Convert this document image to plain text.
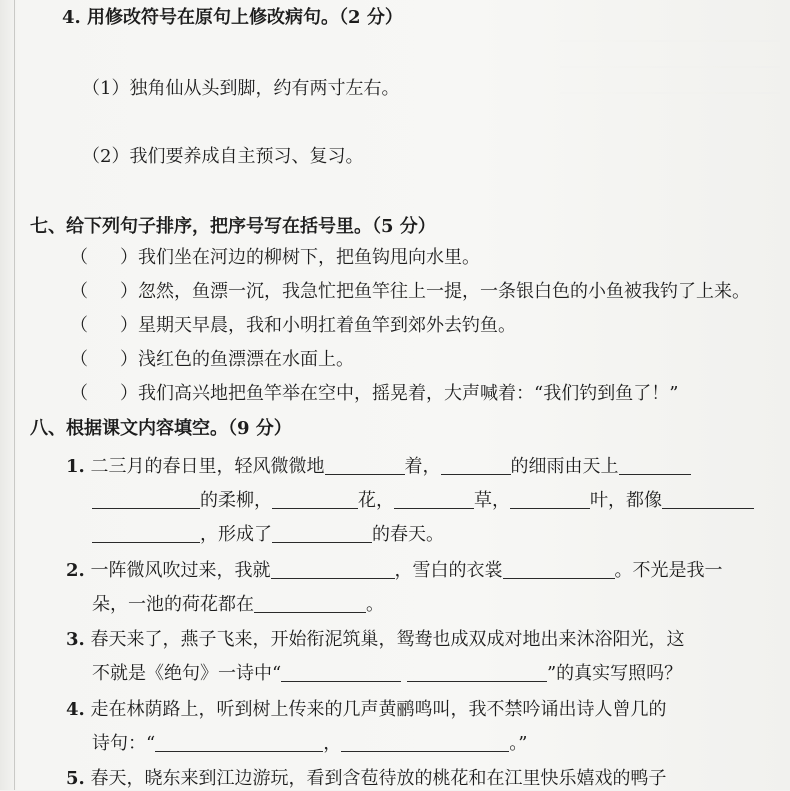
4. 用修改符号在原句上修改病句。（2 分）
（1）独角仙从头到脚，约有两寸左右。
（2）我们要养成自主预习、复习。
七、给下列句子排序，把序号写在括号里。（5 分）
（ ） 我们坐在河边的柳树下，把鱼钩甩向水里。
（ ） 忽然，鱼漂一沉，我急忙把鱼竿往上一提，一条银白色的小鱼被我钓了上来。
（ ） 星期天早晨，我和小明扛着鱼竿到郊外去钓鱼。
（ ） 浅红色的鱼漂漂在水面上。
（ ） 我们高兴地把鱼竿举在空中，摇晃着，大声喊着：“我们钓到鱼了！”
八、根据课文内容填空。（9 分）
1. 二三月的春日里，轻风微微地	着，	的细雨由天上
的柔柳，	花，	草，	叶，都像
，形成了	的春天。
2. 一阵微风吹过来，我就	，雪白的衣裳	。不光是我一
朵，一池的荷花都在	。
3. 春天来了，燕子飞来，开始衔泥筑巢，鸳鸯也成双成对地出来沐浴阳光，这
不就是《绝句》一诗中“	”的真实写照吗？
4. 走在林荫路上，听到树上传来的几声黄鹂鸣叫，我不禁吟诵出诗人曾几的
诗句：“	，	。”
5. 春天，晓东来到江边游玩，看到含苞待放的桃花和在江里快乐嬉戏的鸭子
